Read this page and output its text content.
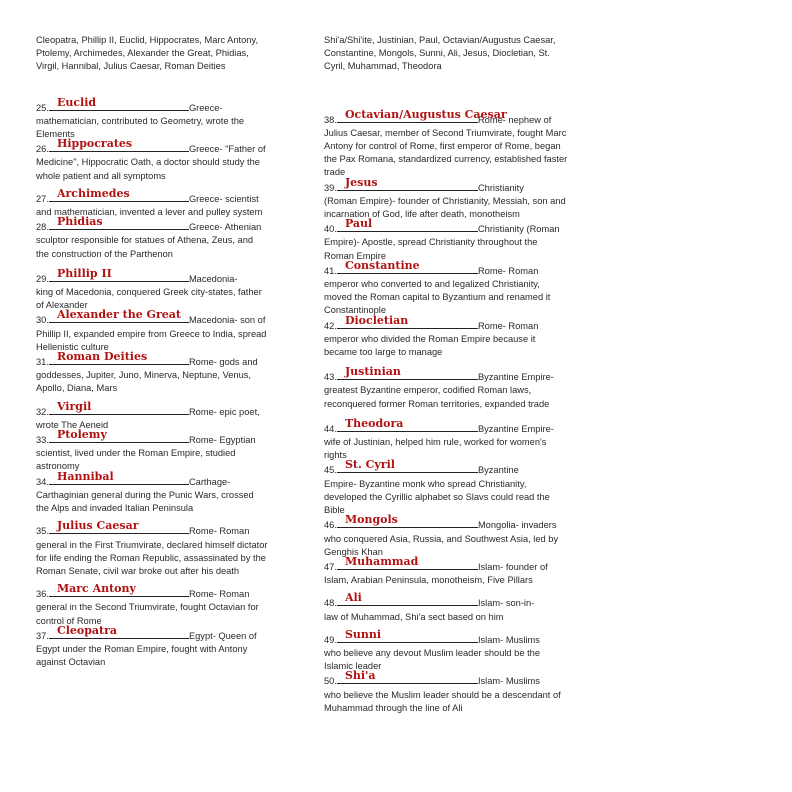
Cleopatra, Phillip II, Euclid, Hippocrates, Marc Antony, Ptolemy, Archimedes, Alexander the Great, Phidias, Virgil, Hannibal, Julius Caesar, Roman Deities

25. Euclid	Greece-

mathematician, contributed to Geometry, wrote the Elements

26. Hippocrates	Greece- "Father of

Medicine", Hippocratic Oath, a doctor should study the whole patient and all symptoms

27. Archimedes	Greece- scientist

and mathematician, invented a lever and pulley system

28. Phidias	Greece- Athenian

sculptor responsible for statues of Athena, Zeus, and the construction of the Parthenon

29. Phillip II	Macedonia-

king of Macedonia, conquered Greek city-states, father of Alexander

30. Alexander the Great Macedonia- son of

Phillip II, expanded empire from Greece to India, spread Hellenistic culture

31. Roman Deities	Rome- gods and

goddesses, Jupiter, Juno, Minerva, Neptune, Venus, Apollo, Diana, Mars

32. Virgil	Rome- epic poet,

wrote The Aeneid

33. Ptolemy	Rome- Egyptian

scientist, lived under the Roman Empire, studied astronomy

34. Hannibal	Carthage-

Carthaginian general during the Punic Wars, crossed the Alps and invaded Italian Peninsula

35. Julius Caesar	Rome- Roman

general in the First Triumvirate, declared himself dictator for life ending the Roman Republic, assassinated by the Roman Senate, civil war broke out after his death

36. Marc Antony	Rome- Roman

general in the Second Triumvirate, fought Octavian for control of Rome

37. Cleopatra	Egypt- Queen of

Egypt under the Roman Empire, fought with Antony against Octavian

Shi'a/Shi'ite, Justinian, Paul, Octavian/Augustus Caesar, Constantine, Mongols, Sunni, Ali, Jesus, Diocletian, St. Cyril, Muhammad, Theodora

38. Octavian/Augustus Caesar
Rome- nephew of

Julius Caesar, member of Second Triumvirate, fought Marc Antony for control of Rome, first emperor of Rome, began the Pax Romana, standardized currency, established faster trade

39. Jesus	Christianity

(Roman Empire)- founder of Christianity, Messiah, son and incarnation of God, life after death, monotheism

40. Paul	Christianity (Roman

Empire)- Apostle, spread Christianity throughout the Roman Empire

41. Constantine	Rome- Roman

emperor who converted to and legalized Christianity, moved the Roman capital to Byzantium and renamed it Constantinople

42. Diocletian	Rome- Roman

emperor who divided the Roman Empire because it became too large to manage

43. Justinian	Byzantine Empire-

greatest Byzantine emperor, codified Roman laws, reconquered former Roman territories, expanded trade

44. Theodora	Byzantine Empire-

wife of Justinian, helped him rule, worked for women's rights

45. St. Cyril	Byzantine

Empire- Byzantine monk who spread Christianity, developed the Cyrillic alphabet so Slavs could read the Bible

46. Mongols	Mongolia- invaders

who conquered Asia, Russia, and Southwest Asia, led by Genghis Khan

47. Muhammad	Islam- founder of

Islam, Arabian Peninsula, monotheism, Five Pillars

48. Ali	Islam- son-in-

law of Muhammad, Shi'a sect based on him

49. Sunni	Islam- Muslims

who believe any devout Muslim leader should be the Islamic leader

50. Shi'a	Islam- Muslims

who believe the Muslim leader should be a descendant of Muhammad through the line of Ali
